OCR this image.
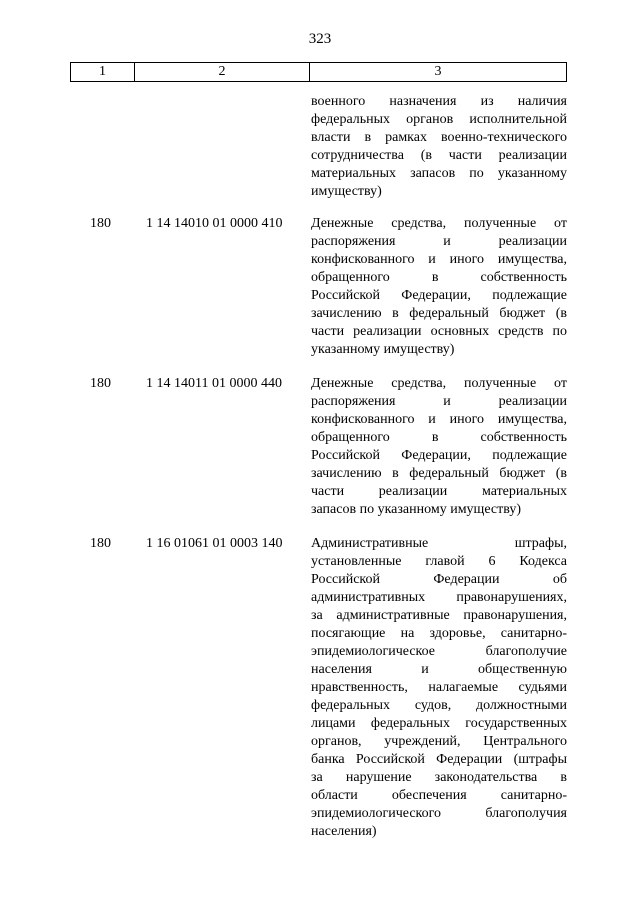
323
1	2	3
военного назначения из наличия
федеральных органов исполнительной
власти в рамках военно-технического
сотрудничества (в части реализации
материальных запасов по указанному
имуществу)
180	1 14 14010 01 0000 410 Денежные средства, полученные от
распоряжения и реализации
конфискованного и иного имущества,
обращенного в собственность
Российской Федерации, подлежащие
зачислению в федеральный бюджет (в
части реализации основных средств по
указанному имуществу)
180	1 14 14011 01 0000 440 Денежные средства, полученные от
распоряжения и реализации
конфискованного и иного имущества,
обращенного в собственность
Российской Федерации, подлежащие
зачислению в федеральный бюджет (в
части реализации материальных
запасов по указанному имуществу)
180	1 16 01061 01 0003 140 Административные штрафы,
установленные главой 6 Кодекса
Российской Федерации об
административных правонарушениях,
за административные правонарушения,
посягающие на здоровье, санитарно-
эпидемиологическое благополучие
населения и общественную
нравственность, налагаемые судьями
федеральных судов, должностными
лицами федеральных государственных
органов, учреждений, Центрального
банка Российской Федерации (штрафы
за нарушение законодательства в
области обеспечения санитарно-
эпидемиологического благополучия
населения)
